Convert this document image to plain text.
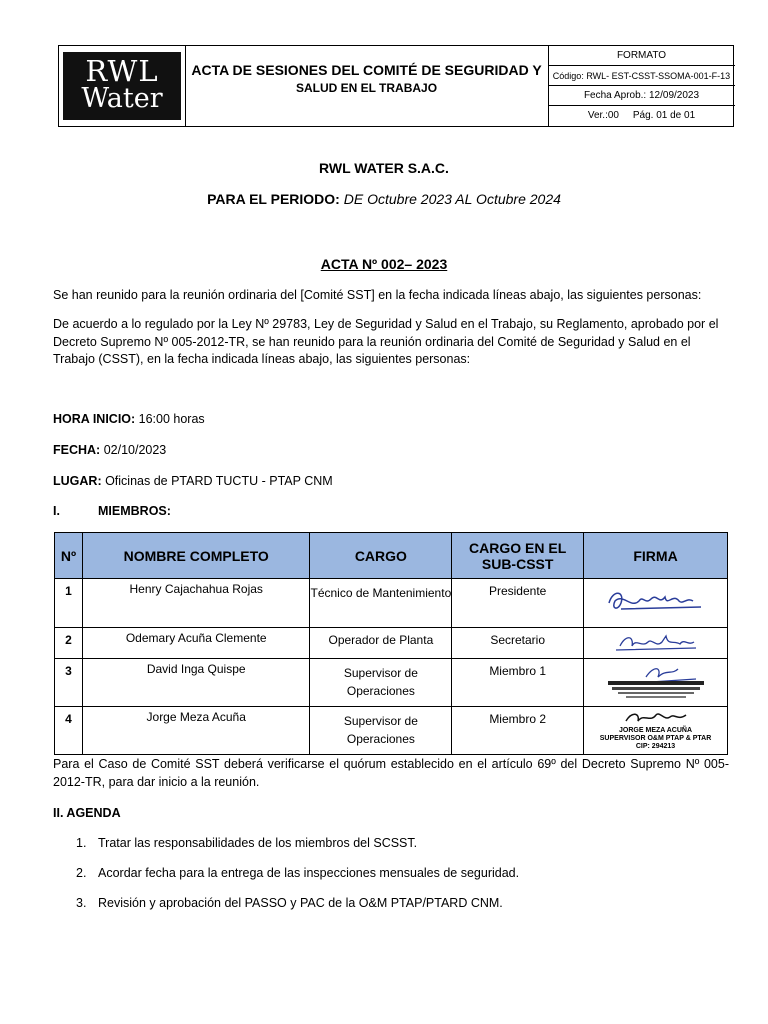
RWL
Water
ACTA DE SESIONES DEL COMITÉ DE SEGURIDAD Y
SALUD EN EL TRABAJO
FORMATO
Código: RWL- EST-CSST-SSOMA-001-F-13
Fecha Aprob.: 12/09/2023
Ver.:00     Pág. 01 de 01
RWL WATER S.A.C.
PARA EL PERIODO: DE Octubre 2023 AL Octubre 2024
ACTA Nº 002– 2023
Se han reunido para la reunión ordinaria del [Comité SST] en la fecha indicada líneas abajo, las siguientes personas:
De acuerdo a lo regulado por la Ley Nº 29783, Ley de Seguridad y Salud en el Trabajo, su Reglamento, aprobado por el Decreto Supremo Nº 005-2012-TR, se han reunido para la reunión ordinaria del Comité de Seguridad y Salud en el Trabajo (CSST), en la fecha indicada líneas abajo, las siguientes personas:
HORA INICIO: 16:00 horas
FECHA: 02/10/2023
LUGAR: Oficinas de PTARD TUCTU - PTAP CNM
I.	MIEMBROS:
Nº	NOMBRE COMPLETO	CARGO	CARGO EN EL SUB-CSST	FIRMA
1	Henry Cajachahua Rojas	Técnico de Mantenimiento	Presidente	

2	Odemary Acuña Clemente	Operador de Planta	Secretario	

3	David Inga Quispe	Supervisor de Operaciones	Miembro 1	

4	Jorge Meza Acuña	Supervisor de Operaciones	Miembro 2	JORGE MEZA ACUÑA
SUPERVISOR O&M PTAP & PTAR
CIP: 294213
Para el Caso de Comité SST deberá verificarse el quórum establecido en el artículo 69º del Decreto Supremo Nº 005-2012-TR, para dar inicio a la reunión.
II. AGENDA
1. Tratar las responsabilidades de los miembros del SCSST.
2. Acordar fecha para la entrega de las inspecciones mensuales de seguridad.
3. Revisión y aprobación del PASSO y PAC de la O&M PTAP/PTARD CNM.
